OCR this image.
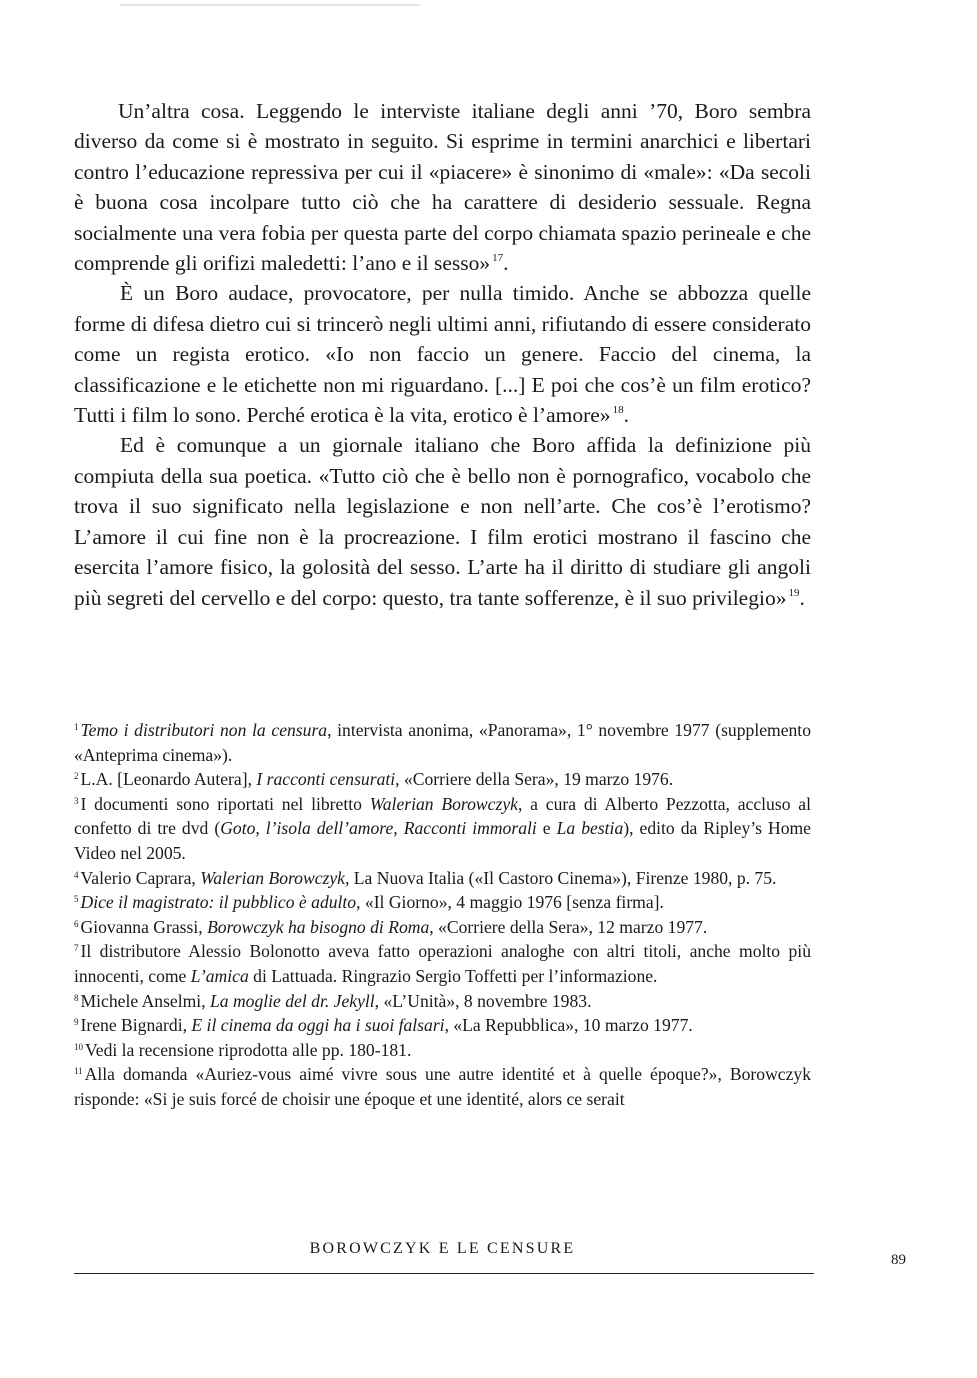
Un’altra cosa. Leggendo le interviste italiane degli anni ’70, Boro sembra diverso da come si è mostrato in seguito. Si esprime in termini anarchici e libertari contro l’educazione repressiva per cui il «piacere» è sinonimo di «male»: «Da secoli è buona cosa incolpare tutto ciò che ha carattere di desiderio sessuale. Regna socialmente una vera fobia per questa parte del corpo chiamata spazio perineale e che comprende gli orifizi maledetti: l’ano e il sesso» $^{17}$.

È un Boro audace, provocatore, per nulla timido. Anche se abbozza quelle forme di difesa dietro cui si trincerò negli ultimi anni, rifiutando di essere considerato come un regista erotico. «Io non faccio un genere. Faccio del cinema, la classificazione e le etichette non mi riguardano. [...] E poi che cos’è un film erotico? Tutti i film lo sono. Perché erotica è la vita, erotico è l’amore» $^{18}$.

Ed è comunque a un giornale italiano che Boro affida la definizione più compiuta della sua poetica. «Tutto ciò che è bello non è pornografico, vocabolo che trova il suo significato nella legislazione e non nell’arte. Che cos’è l’erotismo? L’amore il cui fine non è la procreazione. I film erotici mostrano il fascino che esercita l’amore fisico, la golosità del sesso. L’arte ha il diritto di studiare gli angoli più segreti del cervello e del corpo: questo, tra tante sofferenze, è il suo privilegio» $^{19}$.

$^1$ Temo i distributori non la censura, intervista anonima, «Panorama», 1° novembre 1977 (supplemento «Anteprima cinema»).

$^2$ L.A. [Leonardo Autera], I racconti censurati, «Corriere della Sera», 19 marzo 1976.

$^3$ I documenti sono riportati nel libretto Walerian Borowczyk, a cura di Alberto Pezzotta, accluso al confetto di tre dvd (Goto, l’isola dell’amore, Racconti immorali e La bestia), edito da Ripley’s Home Video nel 2005.

$^4$ Valerio Caprara, Walerian Borowczyk, La Nuova Italia («Il Castoro Cinema»), Firenze 1980, p. 75.

$^5$ Dice il magistrato: il pubblico è adulto, «Il Giorno», 4 maggio 1976 [senza firma].

$^6$ Giovanna Grassi, Borowczyk ha bisogno di Roma, «Corriere della Sera», 12 marzo 1977.

$^7$ Il distributore Alessio Bolonotto aveva fatto operazioni analoghe con altri titoli, anche molto più innocenti, come L’amica di Lattuada. Ringrazio Sergio Toffetti per l’informazione.

$^8$ Michele Anselmi, La moglie del dr. Jekyll, «L’Unità», 8 novembre 1983.

$^9$ Irene Bignardi, E il cinema da oggi ha i suoi falsari, «La Repubblica», 10 marzo 1977.

$^{10}$ Vedi la recensione riprodotta alle pp. 180-181.

$^{11}$ Alla domanda «Auriez-vous aimé vivre sous une autre identité et à quelle époque?», Borowczyk risponde: «Si je suis forcé de choisir une époque et une identité, alors ce serait

BOROWCZYK E LE CENSURE
89
